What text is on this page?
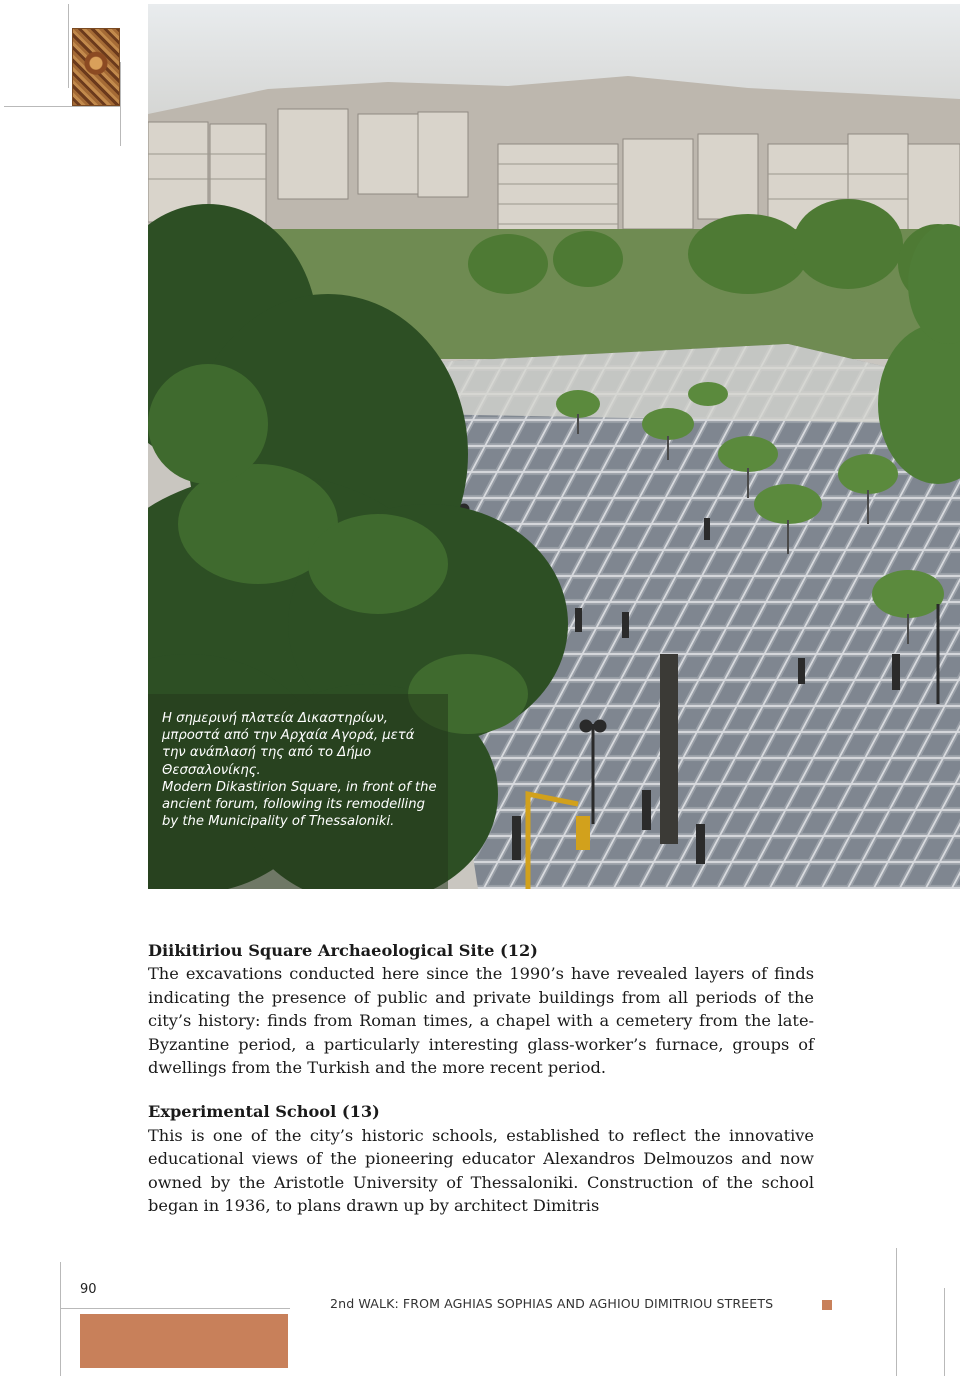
Η σημερινή πλατεία Δικαστηρίων, μπροστά από την Αρχαία Αγορά, μετά την ανάπλασή της από το Δήμο Θεσσαλονίκης.

Modern Dikastirion Square, in front of the ancient forum, following its remodelling by the Municipality of Thessaloniki.

Diikitiriou Square Archaeological Site (12)

The excavations conducted here since the 1990’s have revealed layers of finds indicating the presence of public and private buildings from all periods of the city’s history: finds from Roman times, a chapel with a cemetery from the late-Byzantine period, a particularly interesting glass-worker’s furnace, groups of dwellings from the Turkish and the more recent period.

Experimental School (13)

This is one of the city’s historic schools, established to reflect the innovative educational views of the pioneering educator Alexandros Delmouzos and now owned by the Aristotle University of Thessaloniki. Construction of the school began in 1936, to plans drawn up by architect Dimitris

90
2nd WALK: FROM AGHIAS SOPHIAS AND AGHIOU DIMITRIOU STREETS
